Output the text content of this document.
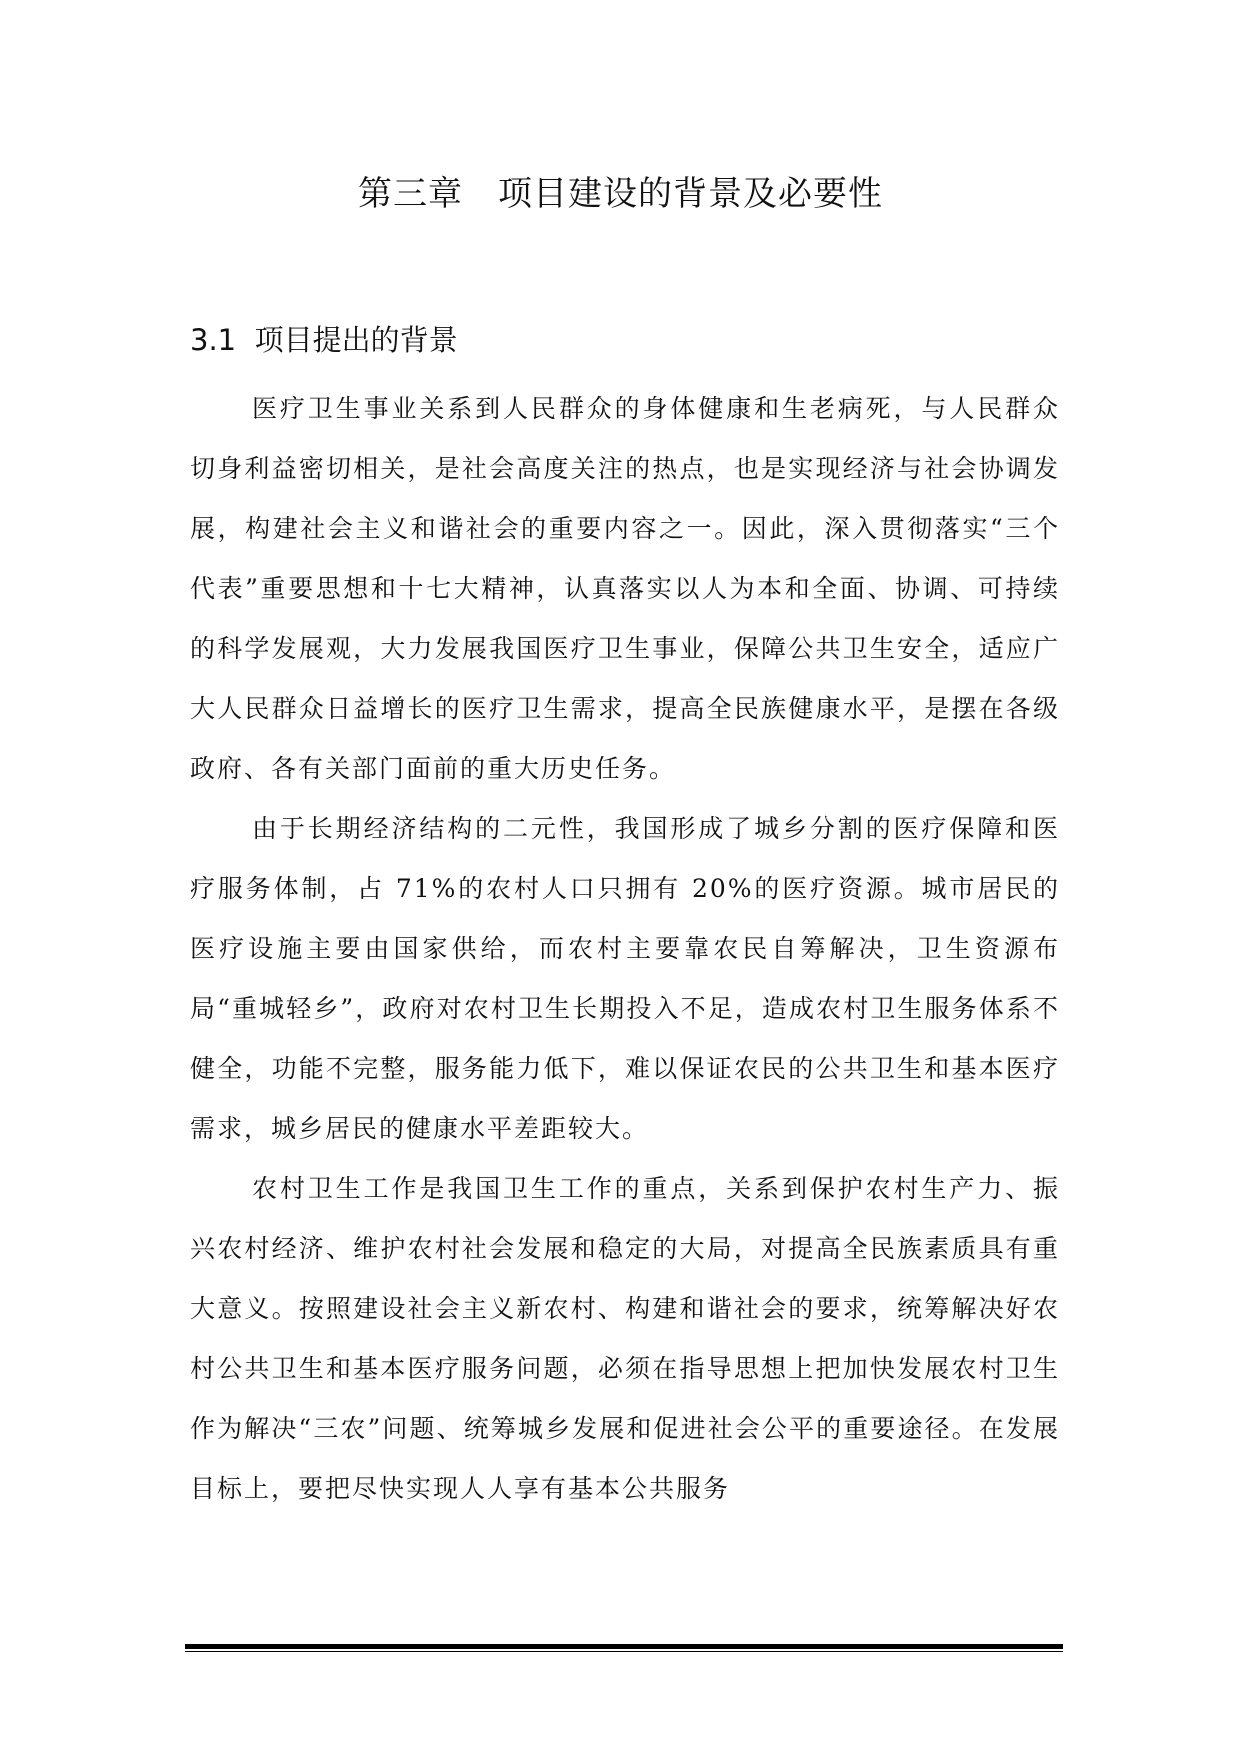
第三章　项目建设的背景及必要性
3.1 项目提出的背景

医疗卫生事业关系到人民群众的身体健康和生老病死，与人民群众切身利益密切相关，是社会高度关注的热点，也是实现经济与社会协调发展，构建社会主义和谐社会的重要内容之一。因此，深入贯彻落实“三个代表”重要思想和十七大精神，认真落实以人为本和全面、协调、可持续的科学发展观，大力发展我国医疗卫生事业，保障公共卫生安全，适应广大人民群众日益增长的医疗卫生需求，提高全民族健康水平，是摆在各级政府、各有关部门面前的重大历史任务。

由于长期经济结构的二元性，我国形成了城乡分割的医疗保障和医疗服务体制，占 71%的农村人口只拥有 20%的医疗资源。城市居民的医疗设施主要由国家供给，而农村主要靠农民自筹解决，卫生资源布局“重城轻乡”，政府对农村卫生长期投入不足，造成农村卫生服务体系不健全，功能不完整，服务能力低下，难以保证农民的公共卫生和基本医疗需求，城乡居民的健康水平差距较大。

农村卫生工作是我国卫生工作的重点，关系到保护农村生产力、振兴农村经济、维护农村社会发展和稳定的大局，对提高全民族素质具有重大意义。按照建设社会主义新农村、构建和谐社会的要求，统筹解决好农村公共卫生和基本医疗服务问题，必须在指导思想上把加快发展农村卫生作为解决“三农”问题、统筹城乡发展和促进社会公平的重要途径。在发展目标上，要把尽快实现人人享有基本公共服务
